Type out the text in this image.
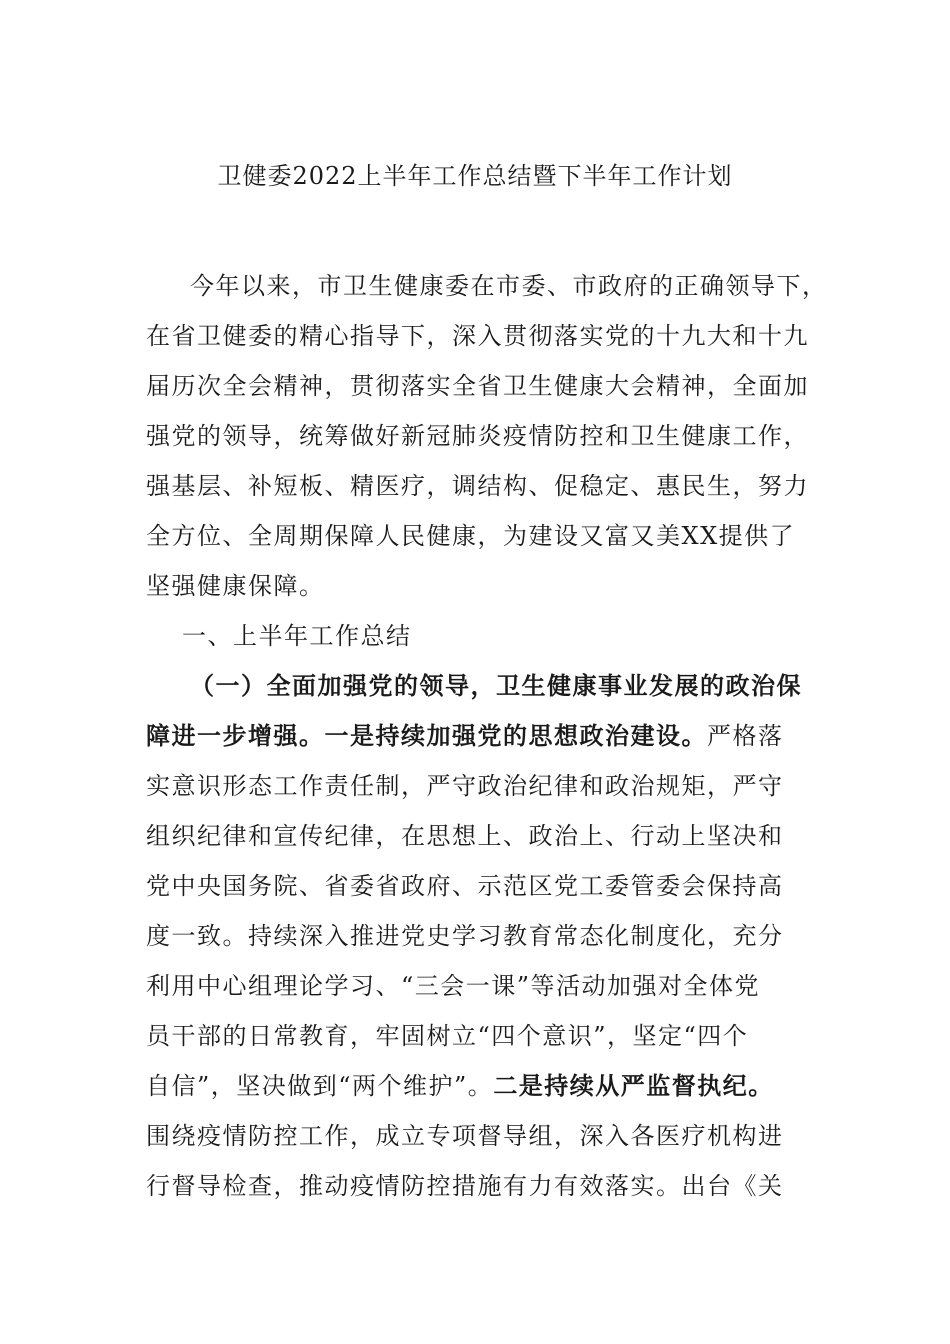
卫健委2022上半年工作总结暨下半年工作计划
今年以来，市卫生健康委在市委、市政府的正确领导下，
在省卫健委的精心指导下，深入贯彻落实党的十九大和十九
届历次全会精神，贯彻落实全省卫生健康大会精神，全面加
强党的领导，统筹做好新冠肺炎疫情防控和卫生健康工作，
强基层、补短板、精医疗，调结构、促稳定、惠民生，努力
全方位、全周期保障人民健康，为建设又富又美XX提供了
坚强健康保障。
一、上半年工作总结
（一）全面加强党的领导，卫生健康事业发展的政治保
障进一步增强。一是持续加强党的思想政治建设。严格落
实意识形态工作责任制，严守政治纪律和政治规矩，严守
组织纪律和宣传纪律，在思想上、政治上、行动上坚决和
党中央国务院、省委省政府、示范区党工委管委会保持高
度一致。持续深入推进党史学习教育常态化制度化，充分
利用中心组理论学习、“三会一课”等活动加强对全体党
员干部的日常教育，牢固树立“四个意识”，坚定“四个
自信”，坚决做到“两个维护”。二是持续从严监督执纪。
围绕疫情防控工作，成立专项督导组，深入各医疗机构进
行督导检查，推动疫情防控措施有力有效落实。出台《关
